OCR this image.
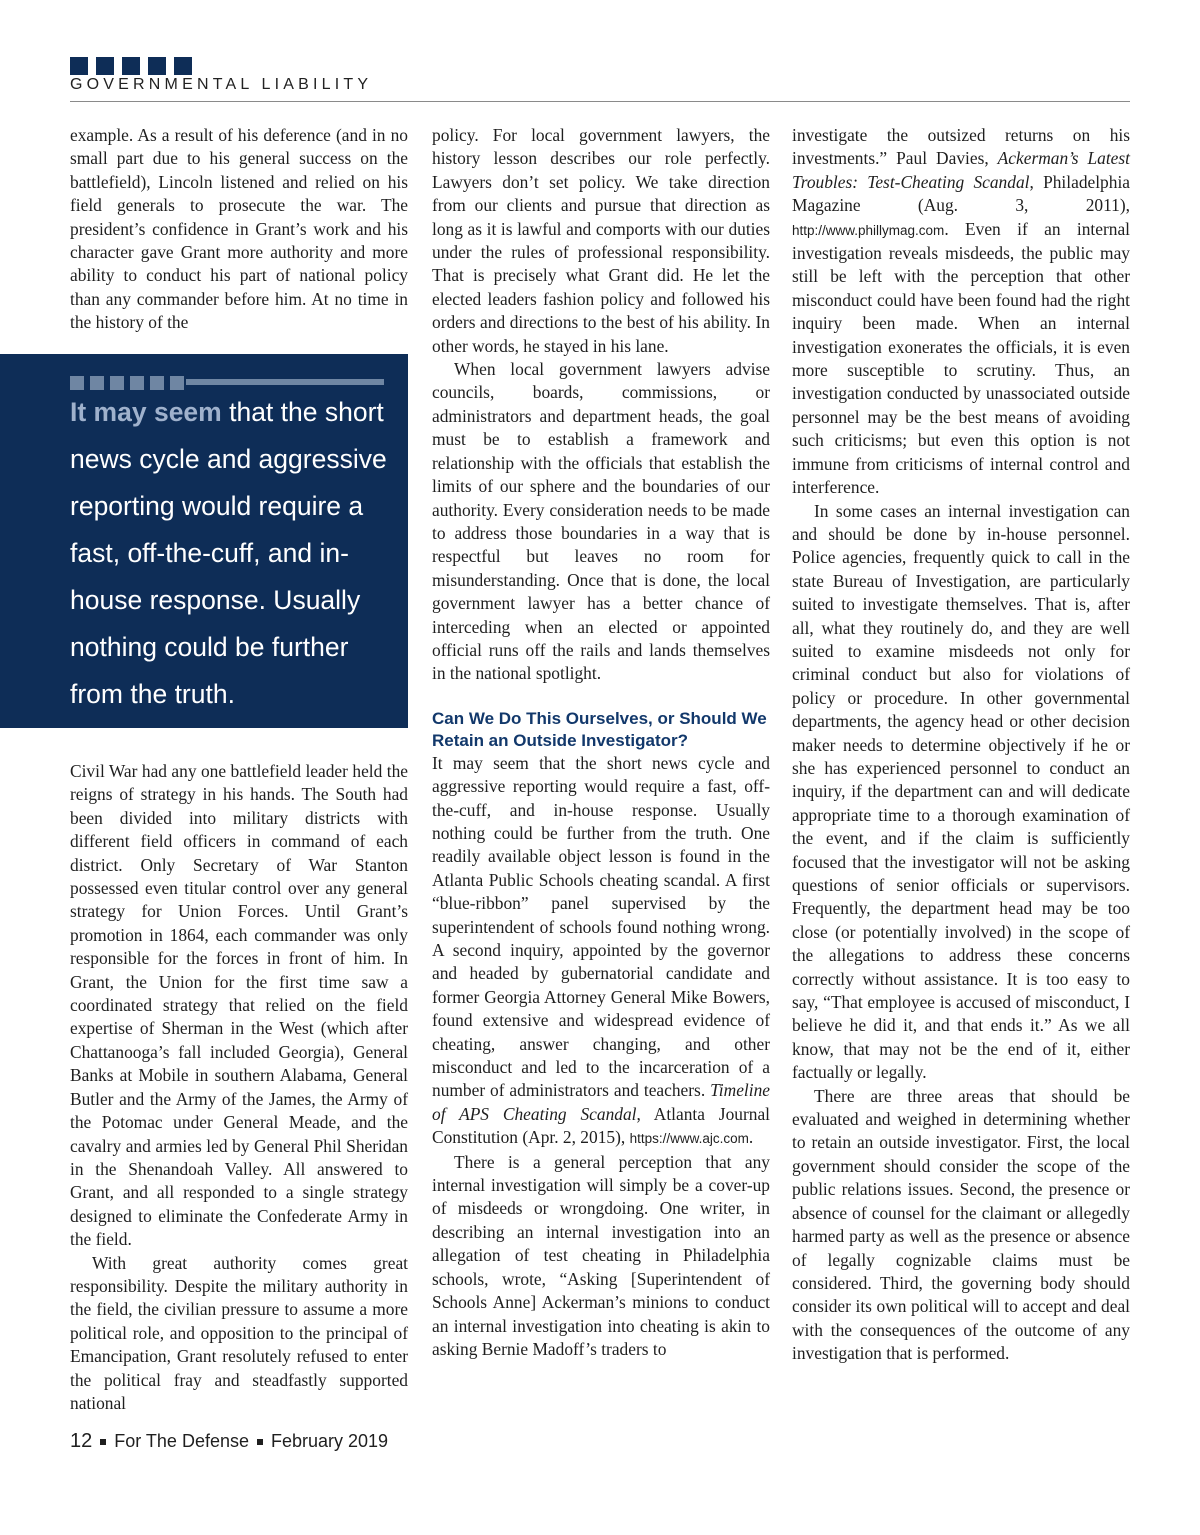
GOVERNMENTAL LIABILITY

example. As a result of his deference (and in no small part due to his general success on the battlefield), Lincoln listened and relied on his field generals to prosecute the war. The president’s confidence in Grant’s work and his character gave Grant more authority and more ability to conduct his part of national policy than any commander before him. At no time in the history of the

It may seem that the short news cycle and aggressive reporting would require a fast, off-the-cuff, and in-house response. Usually nothing could be further from the truth.

Civil War had any one battlefield leader held the reigns of strategy in his hands. The South had been divided into military districts with different field officers in command of each district. Only Secretary of War Stanton possessed even titular control over any general strategy for Union Forces. Until Grant’s promotion in 1864, each commander was only responsible for the forces in front of him. In Grant, the Union for the first time saw a coordinated strategy that relied on the field expertise of Sherman in the West (which after Chattanooga’s fall included Georgia), General Banks at Mobile in southern Alabama, General Butler and the Army of the James, the Army of the Potomac under General Meade, and the cavalry and armies led by General Phil Sheridan in the Shenandoah Valley. All answered to Grant, and all responded to a single strategy designed to eliminate the Confederate Army in the field.

With great authority comes great responsibility. Despite the military authority in the field, the civilian pressure to assume a more political role, and opposition to the principal of Emancipation, Grant resolutely refused to enter the political fray and steadfastly supported national

policy. For local government lawyers, the history lesson describes our role perfectly. Lawyers don’t set policy. We take direction from our clients and pursue that direction as long as it is lawful and comports with our duties under the rules of professional responsibility. That is precisely what Grant did. He let the elected leaders fashion policy and followed his orders and directions to the best of his ability. In other words, he stayed in his lane.

When local government lawyers advise councils, boards, commissions, or administrators and department heads, the goal must be to establish a framework and relationship with the officials that establish the limits of our sphere and the boundaries of our authority. Every consideration needs to be made to address those boundaries in a way that is respectful but leaves no room for misunderstanding. Once that is done, the local government lawyer has a better chance of interceding when an elected or appointed official runs off the rails and lands themselves in the national spotlight.

Can We Do This Ourselves, or Should We Retain an Outside Investigator?

It may seem that the short news cycle and aggressive reporting would require a fast, off-the-cuff, and in-house response. Usually nothing could be further from the truth. One readily available object lesson is found in the Atlanta Public Schools cheating scandal. A first “blue-ribbon” panel supervised by the superintendent of schools found nothing wrong. A second inquiry, appointed by the governor and headed by gubernatorial candidate and former Georgia Attorney General Mike Bowers, found extensive and widespread evidence of cheating, answer changing, and other misconduct and led to the incarceration of a number of administrators and teachers. Timeline of APS Cheating Scandal, Atlanta Journal Constitution (Apr. 2, 2015), https://www.ajc.com.

There is a general perception that any internal investigation will simply be a cover-up of misdeeds or wrongdoing. One writer, in describing an internal investigation into an allegation of test cheating in Philadelphia schools, wrote, “Asking [Superintendent of Schools Anne] Ackerman’s minions to conduct an internal investigation into cheating is akin to asking Bernie Madoff’s traders to

investigate the outsized returns on his investments.” Paul Davies, Ackerman’s Latest Troubles: Test-Cheating Scandal, Philadelphia Magazine (Aug. 3, 2011), http://www.phillymag.com. Even if an internal investigation reveals misdeeds, the public may still be left with the perception that other misconduct could have been found had the right inquiry been made. When an internal investigation exonerates the officials, it is even more susceptible to scrutiny. Thus, an investigation conducted by unassociated outside personnel may be the best means of avoiding such criticisms; but even this option is not immune from criticisms of internal control and interference.

In some cases an internal investigation can and should be done by in-house personnel. Police agencies, frequently quick to call in the state Bureau of Investigation, are particularly suited to investigate themselves. That is, after all, what they routinely do, and they are well suited to examine misdeeds not only for criminal conduct but also for violations of policy or procedure. In other governmental departments, the agency head or other decision maker needs to determine objectively if he or she has experienced personnel to conduct an inquiry, if the department can and will dedicate appropriate time to a thorough examination of the event, and if the claim is sufficiently focused that the investigator will not be asking questions of senior officials or supervisors. Frequently, the department head may be too close (or potentially involved) in the scope of the allegations to address these concerns correctly without assistance. It is too easy to say, “That employee is accused of misconduct, I believe he did it, and that ends it.” As we all know, that may not be the end of it, either factually or legally.

There are three areas that should be evaluated and weighed in determining whether to retain an outside investigator. First, the local government should consider the scope of the public relations issues. Second, the presence or absence of counsel for the claimant or allegedly harmed party as well as the presence or absence of legally cognizable claims must be considered. Third, the governing body should consider its own political will to accept and deal with the consequences of the outcome of any investigation that is performed.

12 For The Defense February 2019
